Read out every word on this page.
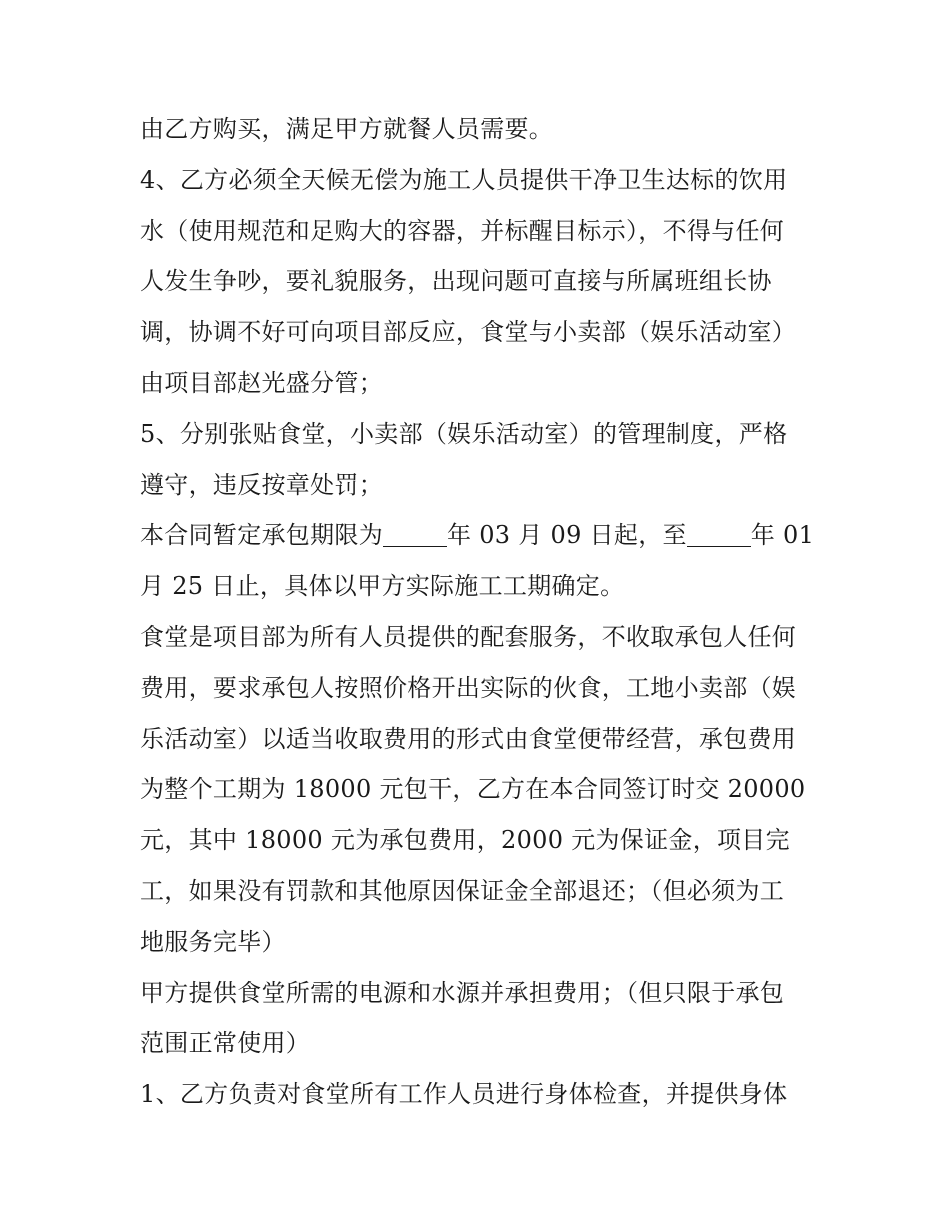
由乙方购买，满足甲方就餐人员需要。
4、乙方必须全天候无偿为施工人员提供干净卫生达标的饮用
水（使用规范和足购大的容器，并标醒目标示），不得与任何
人发生争吵，要礼貌服务，出现问题可直接与所属班组长协
调，协调不好可向项目部反应，食堂与小卖部（娱乐活动室）
由项目部赵光盛分管；
5、分别张贴食堂，小卖部（娱乐活动室）的管理制度，严格
遵守，违反按章处罚；
本合同暂定承包期限为	年 03 月 09 日起，至	年 01
月 25 日止，具体以甲方实际施工工期确定。
食堂是项目部为所有人员提供的配套服务，不收取承包人任何
费用，要求承包人按照价格开出实际的伙食，工地小卖部（娱
乐活动室）以适当收取费用的形式由食堂便带经营，承包费用
为整个工期为 18000 元包干，乙方在本合同签订时交 20000
元，其中 18000 元为承包费用，2000 元为保证金，项目完
工，如果没有罚款和其他原因保证金全部退还；（但必须为工
地服务完毕）
甲方提供食堂所需的电源和水源并承担费用；（但只限于承包
范围正常使用）
1、乙方负责对食堂所有工作人员进行身体检查，并提供身体
